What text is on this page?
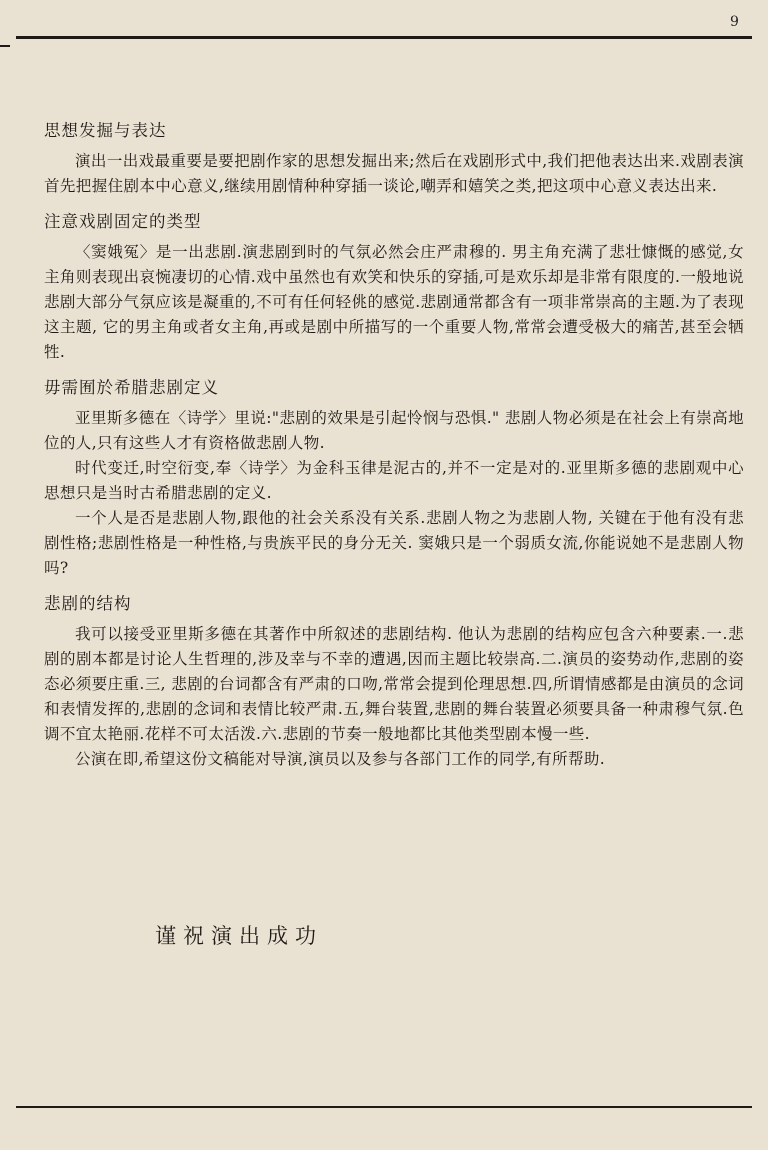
9
思想发掘与表达

演出一出戏最重要是要把剧作家的思想发掘出来;然后在戏剧形式中,我们把他表达出来.戏剧表演首先把握住剧本中心意义,继续用剧情种种穿插一谈论,嘲弄和嬉笑之类,把这项中心意义表达出来.

注意戏剧固定的类型

〈窦娥冤〉是一出悲剧.演悲剧到时的气氛必然会庄严肃穆的. 男主角充满了悲壮慷慨的感觉,女主角则表现出哀惋凄切的心情.戏中虽然也有欢笑和快乐的穿插,可是欢乐却是非常有限度的.一般地说悲剧大部分气氛应该是凝重的,不可有任何轻佻的感觉.悲剧通常都含有一项非常崇高的主题.为了表现这主题, 它的男主角或者女主角,再或是剧中所描写的一个重要人物,常常会遭受极大的痛苦,甚至会牺牲.

毋需囿於希腊悲剧定义

亚里斯多德在〈诗学〉里说:"悲剧的效果是引起怜悯与恐惧." 悲剧人物必须是在社会上有崇高地位的人,只有这些人才有资格做悲剧人物.

时代变迁,时空衍变,奉〈诗学〉为金科玉律是泥古的,并不一定是对的.亚里斯多德的悲剧观中心思想只是当时古希腊悲剧的定义.

一个人是否是悲剧人物,跟他的社会关系没有关系.悲剧人物之为悲剧人物, 关键在于他有没有悲剧性格;悲剧性格是一种性格,与贵族平民的身分无关. 窦娥只是一个弱质女流,你能说她不是悲剧人物吗?

悲剧的结构

我可以接受亚里斯多德在其著作中所叙述的悲剧结构. 他认为悲剧的结构应包含六种要素.一.悲剧的剧本都是讨论人生哲理的,涉及幸与不幸的遭遇,因而主题比较崇高.二.演员的姿势动作,悲剧的姿态必须要庄重.三, 悲剧的台词都含有严肃的口吻,常常会提到伦理思想.四,所谓情感都是由演员的念词和表情发挥的,悲剧的念词和表情比较严肃.五,舞台装置,悲剧的舞台装置必须要具备一种肃穆气氛.色调不宜太艳丽.花样不可太活泼.六.悲剧的节奏一般地都比其他类型剧本慢一些.

公演在即,希望这份文稿能对导演,演员以及参与各部门工作的同学,有所帮助.

谨祝演出成功
